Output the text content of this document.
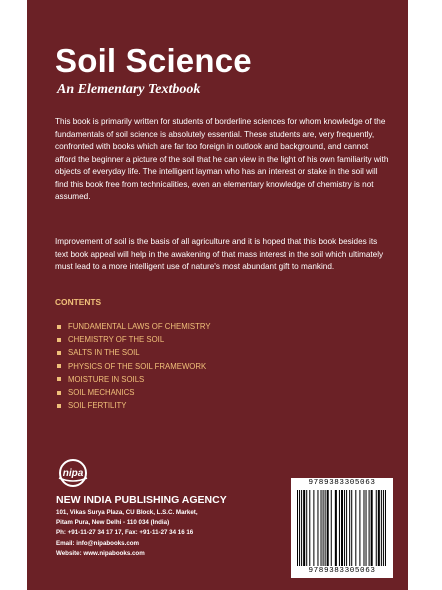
Soil Science
An Elementary Textbook

This book is primarily written for students of borderline sciences for whom knowledge of the fundamentals of soil science is absolutely essential. These students are, very frequently, confronted with books which are far too foreign in outlook and background, and cannot afford the beginner a picture of the soil that he can view in the light of his own familiarity with objects of everyday life. The intelligent layman who has an interest or stake in the soil will find this book free from technicalities, even an elementary knowledge of chemistry is not assumed.

Improvement of soil is the basis of all agriculture and it is hoped that this book besides its text book appeal will help in the awakening of that mass interest in the soil which ultimately must lead to a more intelligent use of nature's most abundant gift to mankind.

CONTENTS
FUNDAMENTAL LAWS OF CHEMISTRY
CHEMISTRY OF THE SOIL
SALTS IN THE SOIL
PHYSICS OF THE SOIL FRAMEWORK
MOISTURE IN SOILS
SOIL MECHANICS
SOIL FERTILITY
nipa
NEW INDIA PUBLISHING AGENCY
101, Vikas Surya Plaza, CU Block, L.S.C. Market,
Pitam Pura, New Delhi - 110 034 (India)
Ph: +91-11-27 34 17 17, Fax: +91-11-27 34 16 16
Email: info@nipabooks.com
Website: www.nipabooks.com
9789383305063
9789383305063
